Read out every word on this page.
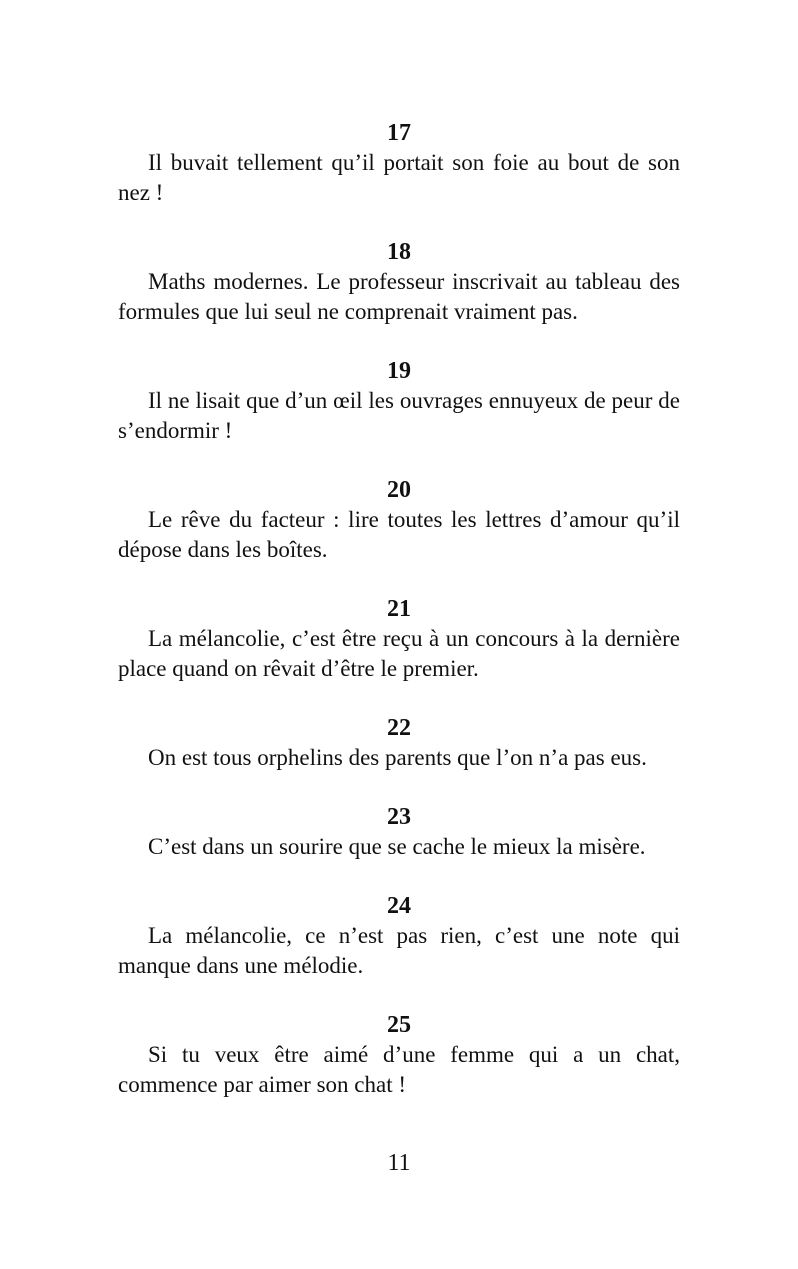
17

Il buvait tellement qu’il portait son foie au bout de son nez !

18

Maths modernes. Le professeur inscrivait au tableau des formules que lui seul ne comprenait vraiment pas.

19

Il ne lisait que d’un œil les ouvrages ennuyeux de peur de s’endormir !

20

Le rêve du facteur : lire toutes les lettres d’amour qu’il dépose dans les boîtes.

21

La mélancolie, c’est être reçu à un concours à la dernière place quand on rêvait d’être le premier.

22

On est tous orphelins des parents que l’on n’a pas eus.

23

C’est dans un sourire que se cache le mieux la misère.

24

La mélancolie, ce n’est pas rien, c’est une note qui manque dans une mélodie.

25

Si tu veux être aimé d’une femme qui a un chat, commence par aimer son chat !

11
